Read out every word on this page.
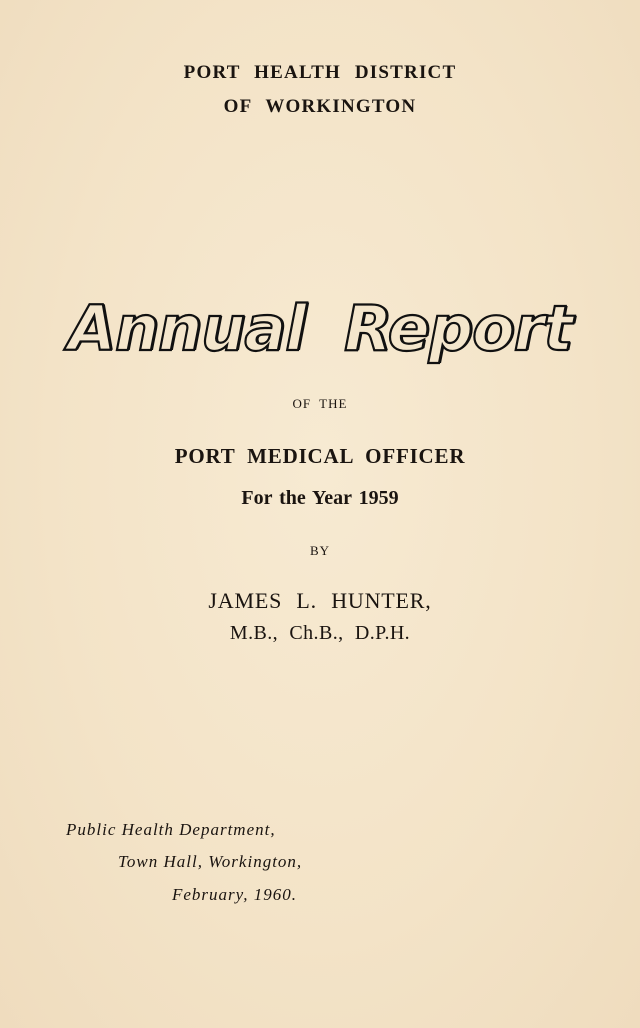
PORT HEALTH DISTRICT
OF WORKINGTON
Annual Report
OF THE
PORT MEDICAL OFFICER
For the Year 1959
BY
JAMES L. HUNTER,
M.B., Ch.B., D.P.H.
Public Health Department,
Town Hall, Workington,
February, 1960.
